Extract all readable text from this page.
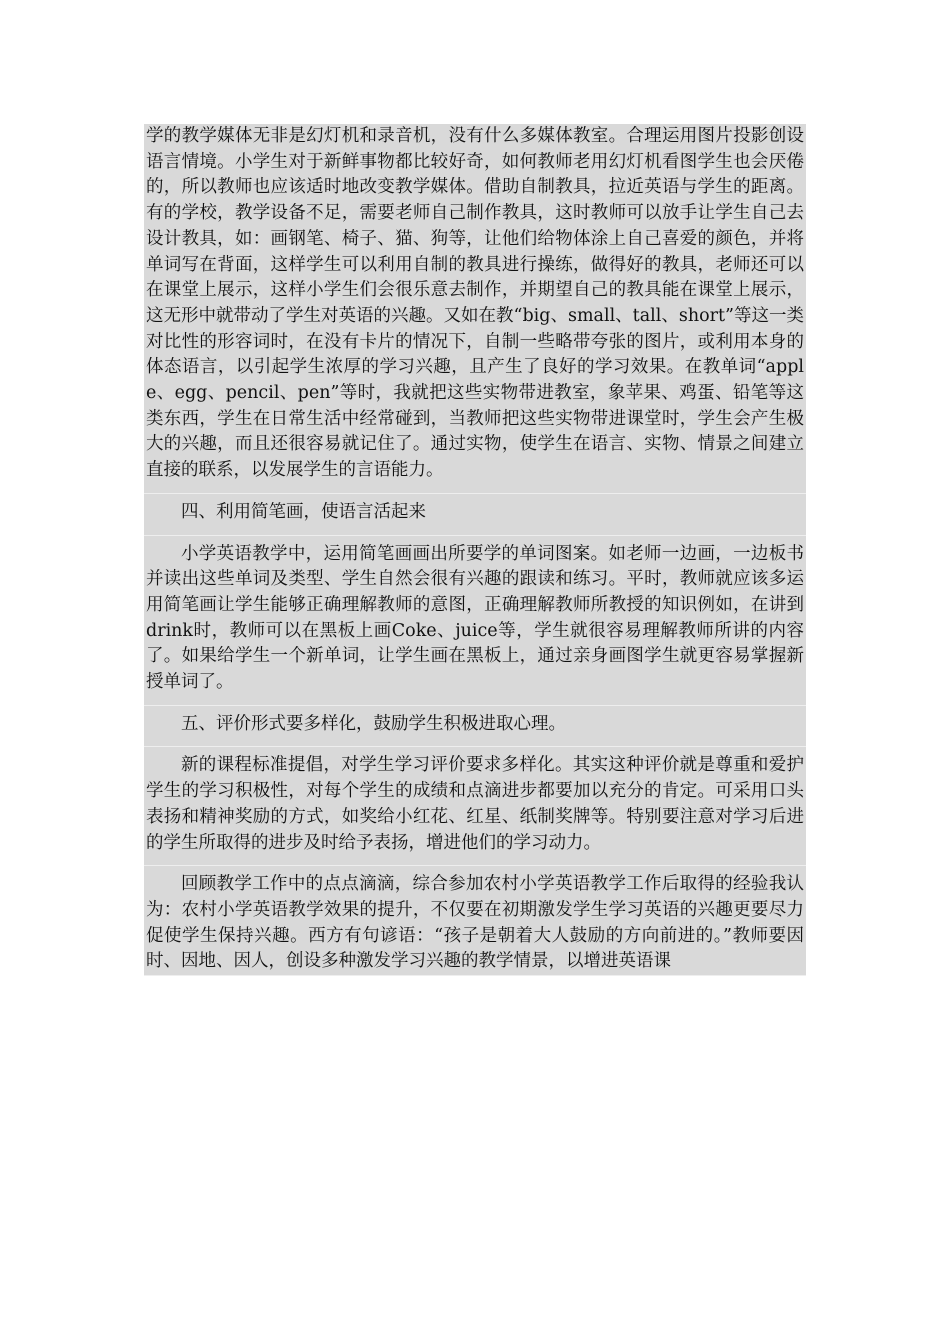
学的教学媒体无非是幻灯机和录音机，没有什么多媒体教室。合理运用图片投影创设语言情境。小学生对于新鲜事物都比较好奇，如何教师老用幻灯机看图学生也会厌倦的，所以教师也应该适时地改变教学媒体。借助自制教具，拉近英语与学生的距离。有的学校，教学设备不足，需要老师自己制作教具，这时教师可以放手让学生自己去设计教具，如：画钢笔、椅子、猫、狗等，让他们给物体涂上自己喜爱的颜色，并将单词写在背面，这样学生可以利用自制的教具进行操练，做得好的教具，老师还可以在课堂上展示，这样小学生们会很乐意去制作，并期望自己的教具能在课堂上展示，这无形中就带动了学生对英语的兴趣。又如在教“big、small、tall、short”等这一类对比性的形容词时，在没有卡片的情况下，自制一些略带夸张的图片，或利用本身的体态语言，以引起学生浓厚的学习兴趣，且产生了良好的学习效果。在教单词“apple、egg、pencil、pen”等时，我就把这些实物带进教室，象苹果、鸡蛋、铅笔等这类东西，学生在日常生活中经常碰到，当教师把这些实物带进课堂时，学生会产生极大的兴趣，而且还很容易就记住了。通过实物，使学生在语言、实物、情景之间建立直接的联系，以发展学生的言语能力。

四、利用简笔画，使语言活起来

小学英语教学中，运用简笔画画出所要学的单词图案。如老师一边画，一边板书并读出这些单词及类型、学生自然会很有兴趣的跟读和练习。平时，教师就应该多运用简笔画让学生能够正确理解教师的意图，正确理解教师所教授的知识例如，在讲到drink时，教师可以在黑板上画Coke、juice等，学生就很容易理解教师所讲的内容了。如果给学生一个新单词，让学生画在黑板上，通过亲身画图学生就更容易掌握新授单词了。

五、评价形式要多样化，鼓励学生积极进取心理。

新的课程标准提倡，对学生学习评价要求多样化。其实这种评价就是尊重和爱护学生的学习积极性，对每个学生的成绩和点滴进步都要加以充分的肯定。可采用口头表扬和精神奖励的方式，如奖给小红花、红星、纸制奖牌等。特别要注意对学习后进的学生所取得的进步及时给予表扬，增进他们的学习动力。

回顾教学工作中的点点滴滴，综合参加农村小学英语教学工作后取得的经验我认为：农村小学英语教学效果的提升，不仅要在初期激发学生学习英语的兴趣更要尽力促使学生保持兴趣。西方有句谚语：“孩子是朝着大人鼓励的方向前进的。”教师要因时、因地、因人，创设多种激发学习兴趣的教学情景，以增进英语课
